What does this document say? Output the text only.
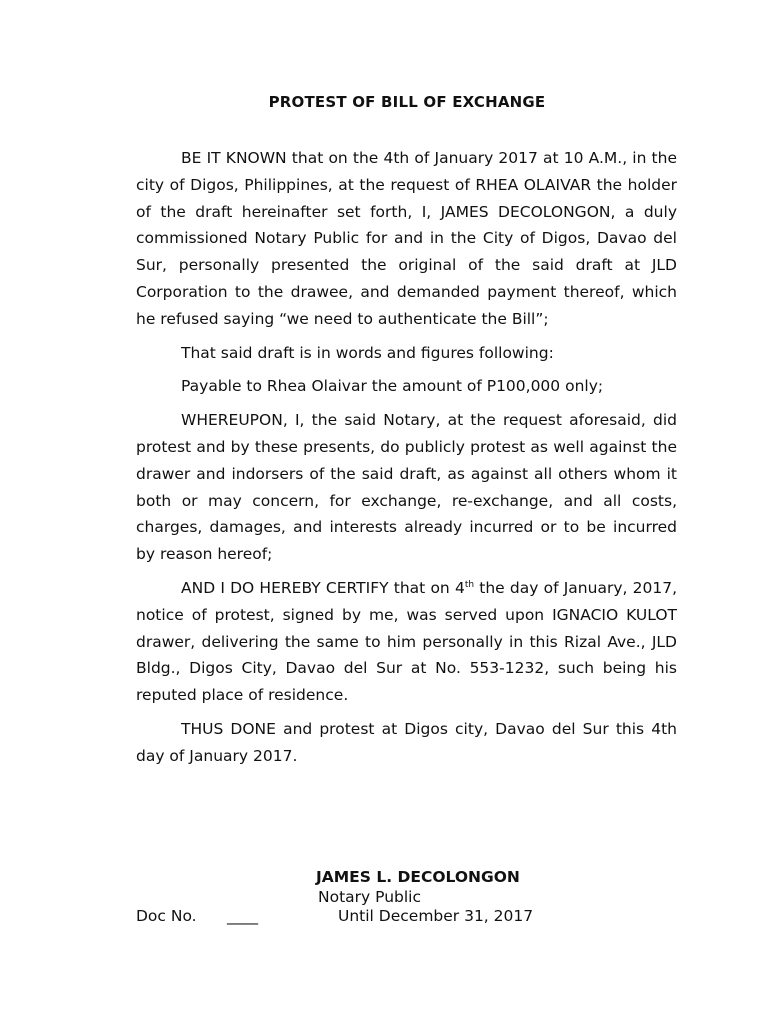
PROTEST OF BILL OF EXCHANGE

BE IT KNOWN that on the 4th of January 2017 at 10 A.M., in the city of Digos, Philippines, at the request of RHEA OLAIVAR the holder of the draft hereinafter set forth, I, JAMES DECOLONGON, a duly commissioned Notary Public for and in the City of Digos, Davao del Sur, personally presented the original of the said draft at JLD Corporation to the drawee, and demanded payment thereof, which he refused saying “we need to authenticate the Bill”;

That said draft is in words and figures following:

Payable to Rhea Olaivar the amount of P100,000 only;

WHEREUPON, I, the said Notary, at the request aforesaid, did protest and by these presents, do publicly protest as well against the drawer and indorsers of the said draft, as against all others whom it both or may concern, for exchange, re-exchange, and all costs, charges, damages, and interests already incurred or to be incurred by reason hereof;

AND I DO HEREBY CERTIFY that on 4th the day of January, 2017, notice of protest, signed by me, was served upon IGNACIO KULOT drawer, delivering the same to him personally in this Rizal Ave., JLD Bldg., Digos City, Davao del Sur at No. 553-1232, such being his reputed place of residence.

THUS DONE and protest at Digos city, Davao del Sur this 4th day of January 2017.

JAMES L. DECOLONGON

Notary Public

Doc No. ____	Until December 31, 2017
